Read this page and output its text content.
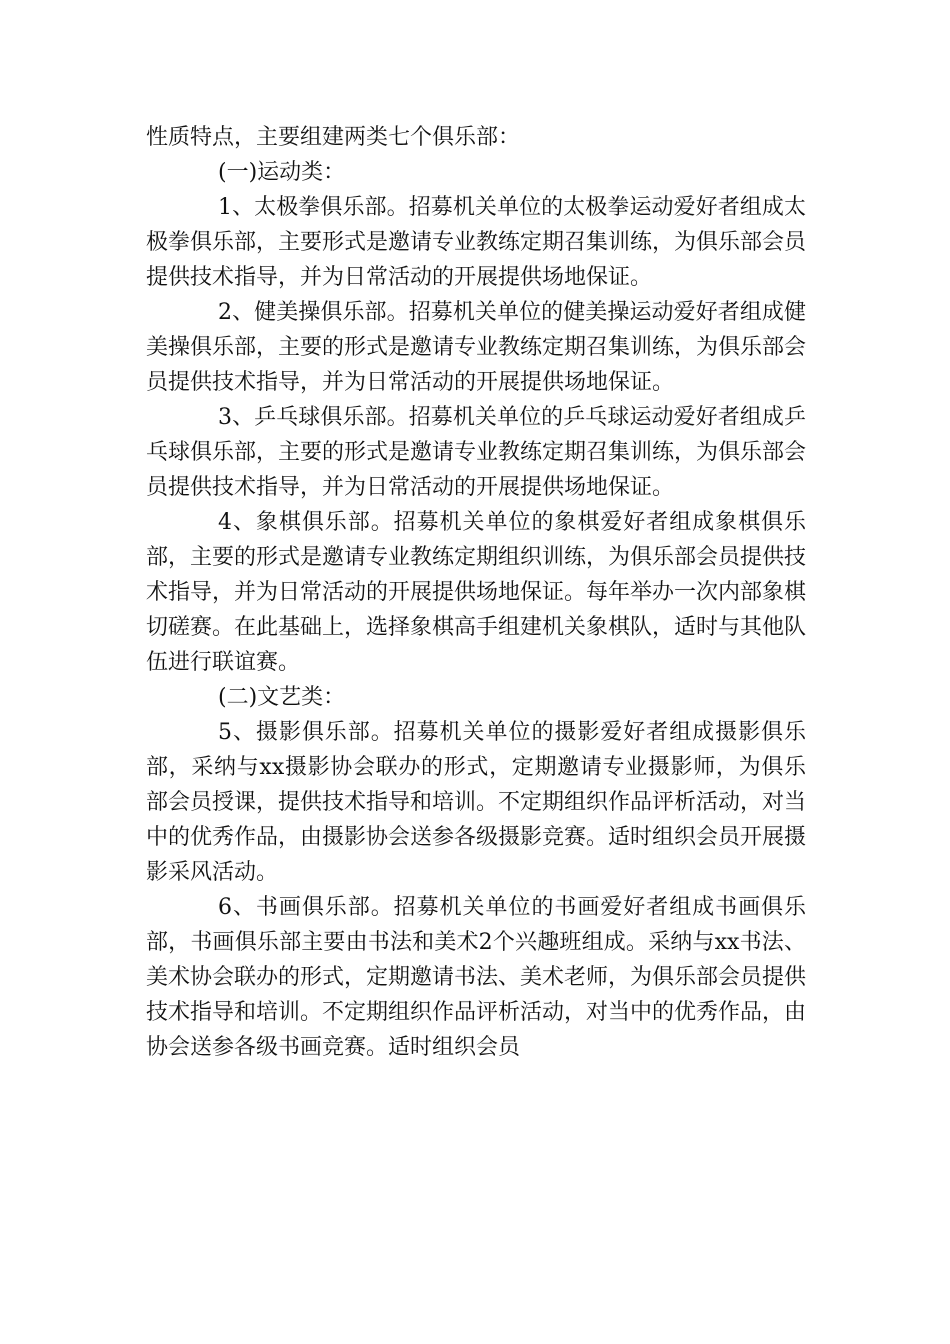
性质特点，主要组建两类七个俱乐部：

(一)运动类：

1、太极拳俱乐部。招募机关单位的太极拳运动爱好者组成太极拳俱乐部，主要形式是邀请专业教练定期召集训练，为俱乐部会员提供技术指导，并为日常活动的开展提供场地保证。

2、健美操俱乐部。招募机关单位的健美操运动爱好者组成健美操俱乐部，主要的形式是邀请专业教练定期召集训练，为俱乐部会员提供技术指导，并为日常活动的开展提供场地保证。

3、乒乓球俱乐部。招募机关单位的乒乓球运动爱好者组成乒乓球俱乐部，主要的形式是邀请专业教练定期召集训练，为俱乐部会员提供技术指导，并为日常活动的开展提供场地保证。

4、象棋俱乐部。招募机关单位的象棋爱好者组成象棋俱乐部，主要的形式是邀请专业教练定期组织训练，为俱乐部会员提供技术指导，并为日常活动的开展提供场地保证。每年举办一次内部象棋切磋赛。在此基础上，选择象棋高手组建机关象棋队，适时与其他队伍进行联谊赛。

(二)文艺类：

5、摄影俱乐部。招募机关单位的摄影爱好者组成摄影俱乐部，采纳与xx摄影协会联办的形式，定期邀请专业摄影师，为俱乐部会员授课，提供技术指导和培训。不定期组织作品评析活动，对当中的优秀作品，由摄影协会送参各级摄影竞赛。适时组织会员开展摄影采风活动。

6、书画俱乐部。招募机关单位的书画爱好者组成书画俱乐部，书画俱乐部主要由书法和美术2个兴趣班组成。采纳与xx书法、美术协会联办的形式，定期邀请书法、美术老师，为俱乐部会员提供技术指导和培训。不定期组织作品评析活动，对当中的优秀作品，由协会送参各级书画竞赛。适时组织会员
